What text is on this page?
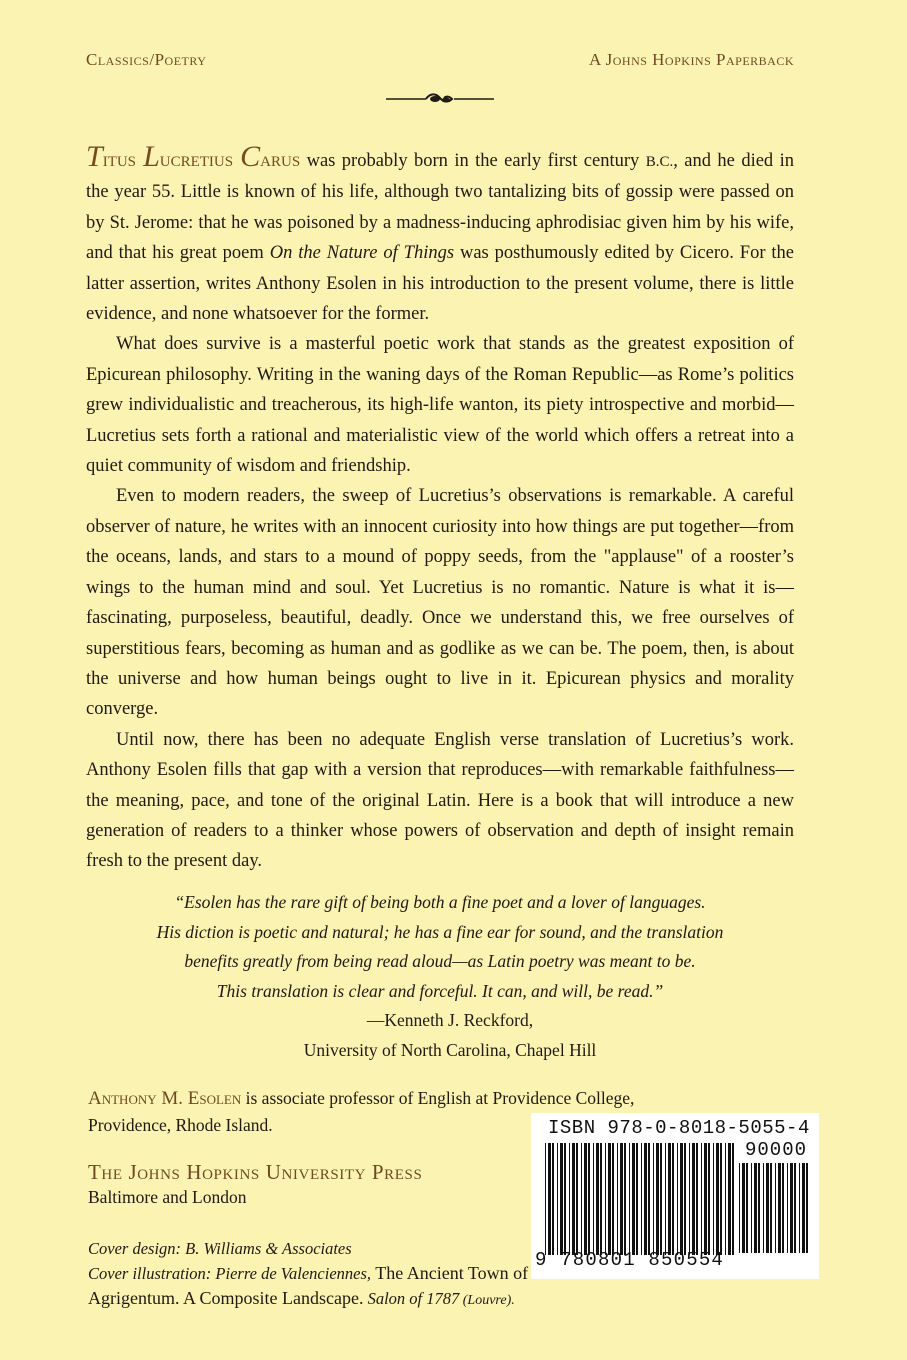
Classics/Poetry	A Johns Hopkins Paperback

Titus Lucretius Carus was probably born in the early first century B.C., and he died in the year 55. Little is known of his life, although two tantalizing bits of gossip were passed on by St. Jerome: that he was poisoned by a madness-inducing aphrodisiac given him by his wife, and that his great poem On the Nature of Things was posthumously edited by Cicero. For the latter assertion, writes Anthony Esolen in his introduction to the present volume, there is little evidence, and none whatsoever for the former.

What does survive is a masterful poetic work that stands as the greatest exposition of Epicurean philosophy. Writing in the waning days of the Roman Republic—as Rome’s politics grew individualistic and treacherous, its high-life wanton, its piety introspective and morbid—Lucretius sets forth a rational and materialistic view of the world which offers a retreat into a quiet community of wisdom and friendship.

Even to modern readers, the sweep of Lucretius’s observations is remarkable. A careful observer of nature, he writes with an innocent curiosity into how things are put together—from the oceans, lands, and stars to a mound of poppy seeds, from the "applause" of a rooster’s wings to the human mind and soul. Yet Lucretius is no romantic. Nature is what it is—fascinating, purposeless, beautiful, deadly. Once we understand this, we free ourselves of superstitious fears, becoming as human and as godlike as we can be. The poem, then, is about the universe and how human beings ought to live in it. Epicurean physics and morality converge.

Until now, there has been no adequate English verse translation of Lucretius’s work. Anthony Esolen fills that gap with a version that reproduces—with remarkable faithfulness—the meaning, pace, and tone of the original Latin. Here is a book that will introduce a new generation of readers to a thinker whose powers of observation and depth of insight remain fresh to the present day.

“Esolen has the rare gift of being both a fine poet and a lover of languages.
His diction is poetic and natural; he has a fine ear for sound, and the translation
benefits greatly from being read aloud—as Latin poetry was meant to be.
This translation is clear and forceful. It can, and will, be read.”
—Kenneth J. Reckford,
University of North Carolina, Chapel Hill
Anthony M. Esolen is associate professor of English at Providence College, Providence, Rhode Island.
The Johns Hopkins University Press
Baltimore and London
Cover design: B. Williams & Associates
Cover illustration: Pierre de Valenciennes, The Ancient Town of Agrigentum. A Composite Landscape. Salon of 1787 (Louvre).
ISBN 978-0-8018-5055-4
90000
9 780801 850554
